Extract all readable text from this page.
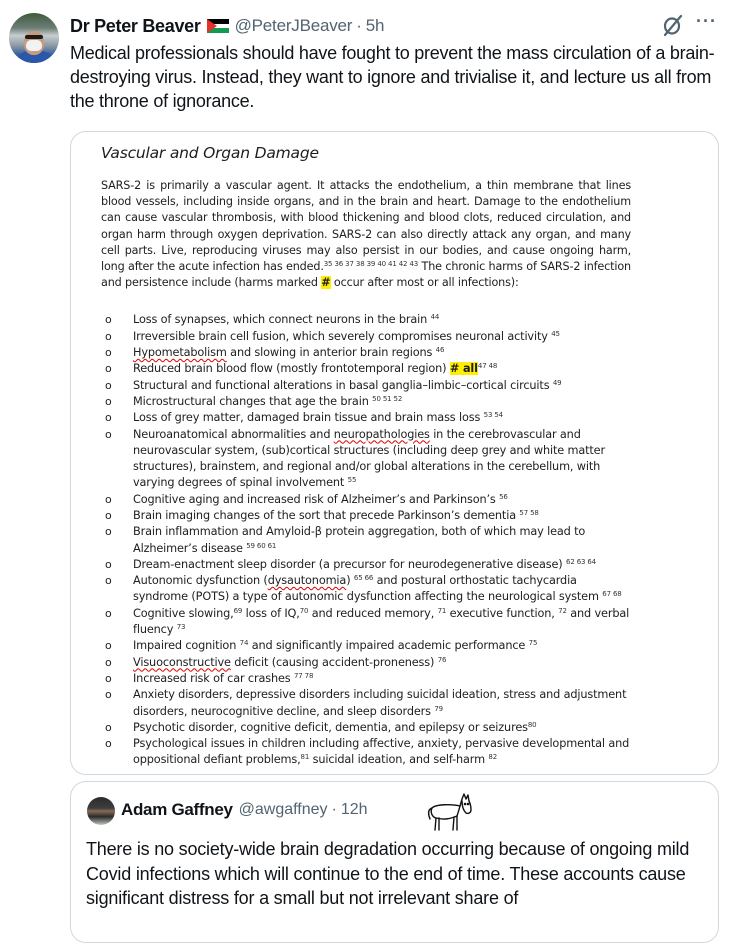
Dr Peter Beaver @PeterJBeaver · 5h	···
Medical professionals should have fought to prevent the mass circulation of a brain-destroying virus. Instead, they want to ignore and trivialise it, and lecture us all from the throne of ignorance.
Vascular and Organ Damage
SARS-2 is primarily a vascular agent. It attacks the endothelium, a thin membrane that lines blood vessels, including inside organs, and in the brain and heart. Damage to the endothelium can cause vascular thrombosis, with blood thickening and blood clots, reduced circulation, and organ harm through oxygen deprivation. SARS-2 can also directly attack any organ, and many cell parts. Live, reproducing viruses may also persist in our bodies, and cause ongoing harm, long after the acute infection has ended.$^{35 36 37 38 39 40 41 42 43}$ The chronic harms of SARS-2 infection and persistence include (harms marked # occur after most or all infections):
o Loss of synapses, which connect neurons in the brain $^{44}$
o Irreversible brain cell fusion, which severely compromises neuronal activity $^{45}$
o Hypometabolism and slowing in anterior brain regions $^{46}$
o Reduced brain blood flow (mostly frontotemporal region) # all$^{47 48}$
o Structural and functional alterations in basal ganglia–limbic–cortical circuits $^{49}$
o Microstructural changes that age the brain $^{50 51 52}$
o Loss of grey matter, damaged brain tissue and brain mass loss $^{53 54}$
o Neuroanatomical abnormalities and neuropathologies in the cerebrovascular and neurovascular system, (sub)cortical structures (including deep grey and white matter structures), brainstem, and regional and/or global alterations in the cerebellum, with varying degrees of spinal involvement $^{55}$
o Cognitive aging and increased risk of Alzheimer’s and Parkinson’s $^{56}$
o Brain imaging changes of the sort that precede Parkinson’s dementia $^{57 58}$
o Brain inflammation and Amyloid-β protein aggregation, both of which may lead to Alzheimer’s disease $^{59 60 61}$
o Dream-enactment sleep disorder (a precursor for neurodegenerative disease) $^{62 63 64}$
o Autonomic dysfunction (dysautonomia) $^{65 66}$ and postural orthostatic tachycardia syndrome (POTS) a type of autonomic dysfunction affecting the neurological system $^{67 68}$
o Cognitive slowing,$^{69}$ loss of IQ,$^{70}$ and reduced memory, $^{71}$ executive function, $^{72}$ and verbal fluency $^{73}$
o Impaired cognition $^{74}$ and significantly impaired academic performance $^{75}$
o Visuoconstructive deficit (causing accident-proneness) $^{76}$
o Increased risk of car crashes $^{77 78}$
o Anxiety disorders, depressive disorders including suicidal ideation, stress and adjustment disorders, neurocognitive decline, and sleep disorders $^{79}$
o Psychotic disorder, cognitive deficit, dementia, and epilepsy or seizures$^{80}$
o Psychological issues in children including affective, anxiety, pervasive developmental and oppositional defiant problems,$^{81}$ suicidal ideation, and self-harm $^{82}$
Adam Gaffney @awgaffney · 12h
There is no society-wide brain degradation occurring because of ongoing mild Covid infections which will continue to the end of time. These accounts cause significant distress for a small but not irrelevant share of
